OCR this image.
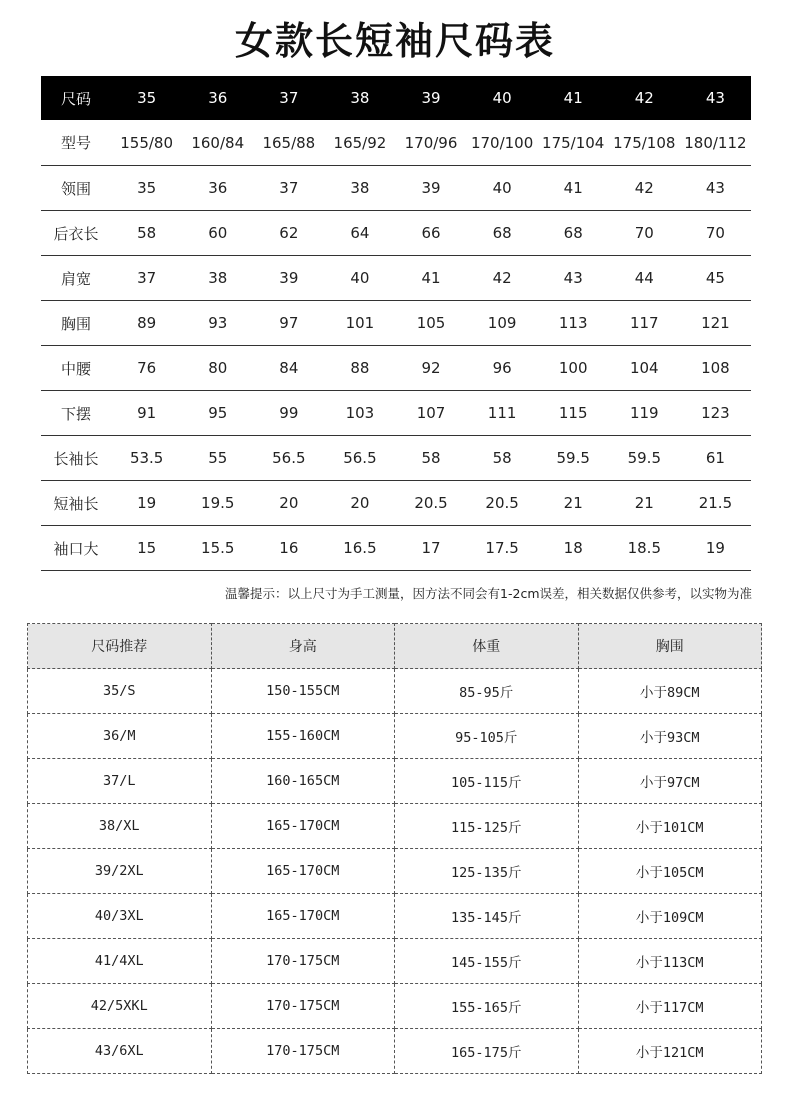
女款长短袖尺码表
尺码	35	36	37	38	39	40	41	42	43
型号	155/80	160/84	165/88	165/92	170/96	170/100	175/104	175/108	180/112
领围	35	36	37	38	39	40	41	42	43
后衣长	58	60	62	64	66	68	68	70	70
肩宽	37	38	39	40	41	42	43	44	45
胸围	89	93	97	101	105	109	113	117	121
中腰	76	80	84	88	92	96	100	104	108
下摆	91	95	99	103	107	111	115	119	123
长袖长	53.5	55	56.5	56.5	58	58	59.5	59.5	61
短袖长	19	19.5	20	20	20.5	20.5	21	21	21.5
袖口大	15	15.5	16	16.5	17	17.5	18	18.5	19
温馨提示：以上尺寸为手工测量，因方法不同会有1-2cm误差，相关数据仅供参考，以实物为准
尺码推荐	身高	体重	胸围
35/S	150-155CM	85-95斤	小于89CM
36/M	155-160CM	95-105斤	小于93CM
37/L	160-165CM	105-115斤	小于97CM
38/XL	165-170CM	115-125斤	小于101CM
39/2XL	165-170CM	125-135斤	小于105CM
40/3XL	165-170CM	135-145斤	小于109CM
41/4XL	170-175CM	145-155斤	小于113CM
42/5XKL	170-175CM	155-165斤	小于117CM
43/6XL	170-175CM	165-175斤	小于121CM
